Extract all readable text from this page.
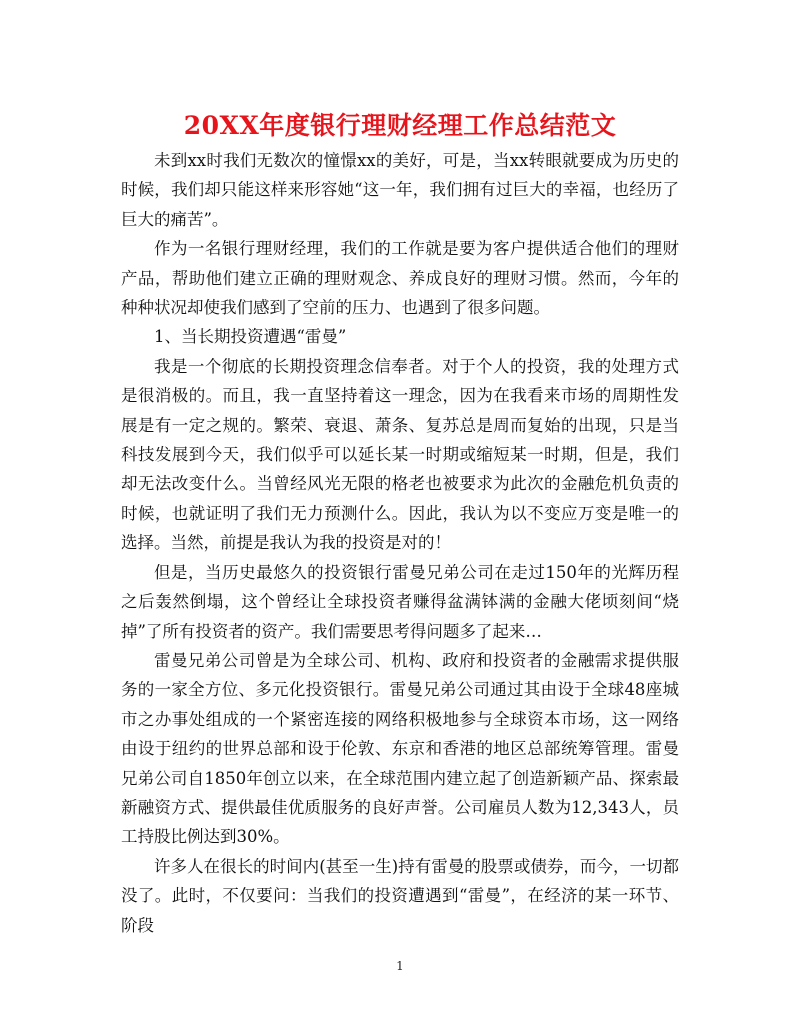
20XX年度银行理财经理工作总结范文

未到xx时我们无数次的憧憬xx的美好，可是，当xx转眼就要成为历史的时候，我们却只能这样来形容她“这一年，我们拥有过巨大的幸福，也经历了巨大的痛苦”。

作为一名银行理财经理，我们的工作就是要为客户提供适合他们的理财产品，帮助他们建立正确的理财观念、养成良好的理财习惯。然而，今年的种种状况却使我们感到了空前的压力、也遇到了很多问题。

1、当长期投资遭遇“雷曼”

我是一个彻底的长期投资理念信奉者。对于个人的投资，我的处理方式是很消极的。而且，我一直坚持着这一理念，因为在我看来市场的周期性发展是有一定之规的。繁荣、衰退、萧条、复苏总是周而复始的出现，只是当科技发展到今天，我们似乎可以延长某一时期或缩短某一时期，但是，我们却无法改变什么。当曾经风光无限的格老也被要求为此次的金融危机负责的时候，也就证明了我们无力预测什么。因此，我认为以不变应万变是唯一的选择。当然，前提是我认为我的投资是对的！

但是，当历史最悠久的投资银行雷曼兄弟公司在走过150年的光辉历程之后轰然倒塌，这个曾经让全球投资者赚得盆满钵满的金融大佬顷刻间“烧掉”了所有投资者的资产。我们需要思考得问题多了起来…

雷曼兄弟公司曾是为全球公司、机构、政府和投资者的金融需求提供服务的一家全方位、多元化投资银行。雷曼兄弟公司通过其由设于全球48座城市之办事处组成的一个紧密连接的网络积极地参与全球资本市场，这一网络由设于纽约的世界总部和设于伦敦、东京和香港的地区总部统筹管理。雷曼兄弟公司自1850年创立以来，在全球范围内建立起了创造新颖产品、探索最新融资方式、提供最佳优质服务的良好声誉。公司雇员人数为12,343人，员工持股比例达到30%。

许多人在很长的时间内(甚至一生)持有雷曼的股票或债券，而今，一切都没了。此时，不仅要问：当我们的投资遭遇到“雷曼”，在经济的某一环节、阶段

1
